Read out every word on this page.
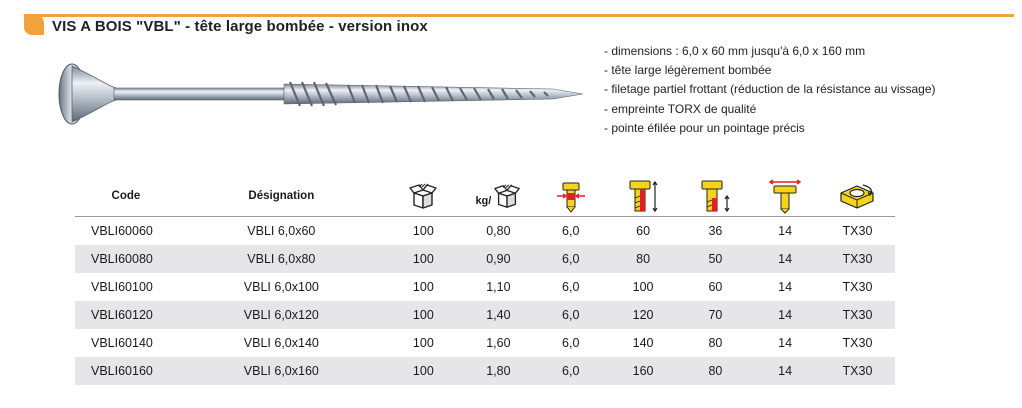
VIS A BOIS "VBL" - tête large bombée - version inox
- dimensions : 6,0 x 60 mm jusqu'à 6,0 x 160 mm
- tête large légèrement bombée
- filetage partiel frottant (réduction de la résistance au vissage)
- empreinte TORX de qualité
- pointe éfilée pour un pointage précis
Code	Désignation		kg/

VBLI60060	VBLI 6,0x60	100	0,80	6,0	60	36	14	TX30
VBLI60080	VBLI 6,0x80	100	0,90	6,0	80	50	14	TX30
VBLI60100	VBLI 6,0x100	100	1,10	6,0	100	60	14	TX30
VBLI60120	VBLI 6,0x120	100	1,40	6,0	120	70	14	TX30
VBLI60140	VBLI 6,0x140	100	1,60	6,0	140	80	14	TX30
VBLI60160	VBLI 6,0x160	100	1,80	6,0	160	80	14	TX30
